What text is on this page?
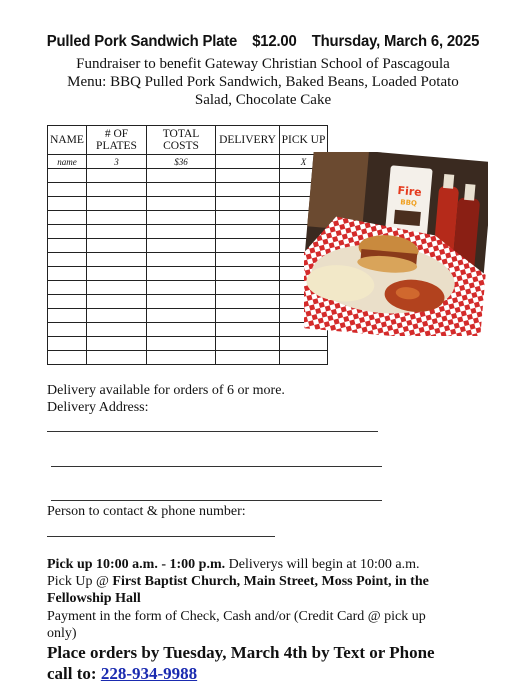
Pulled Pork Sandwich Plate $12.00 Thursday, March 6, 2025
Fundraiser to benefit Gateway Christian School of Pascagoula
Menu: BBQ Pulled Pork Sandwich, Baked Beans, Loaded Potato
Salad, Chocolate Cake
NAME	# OF PLATES	TOTAL COSTS	DELIVERY	PICK UP
name	3	$36		X

Fire
BBQ
Delivery available for orders of 6 or more.
Delivery Address:
Person to contact & phone number:
Pick up 10:00 a.m. - 1:00 p.m. Deliverys will begin at 10:00 a.m.
Pick Up @ First Baptist Church, Main Street, Moss Point, in the
Fellowship Hall
Payment in the form of Check, Cash and/or (Credit Card @ pick up
only)
Place orders by Tuesday, March 4th by Text or Phone
call to: 228-934-9988
